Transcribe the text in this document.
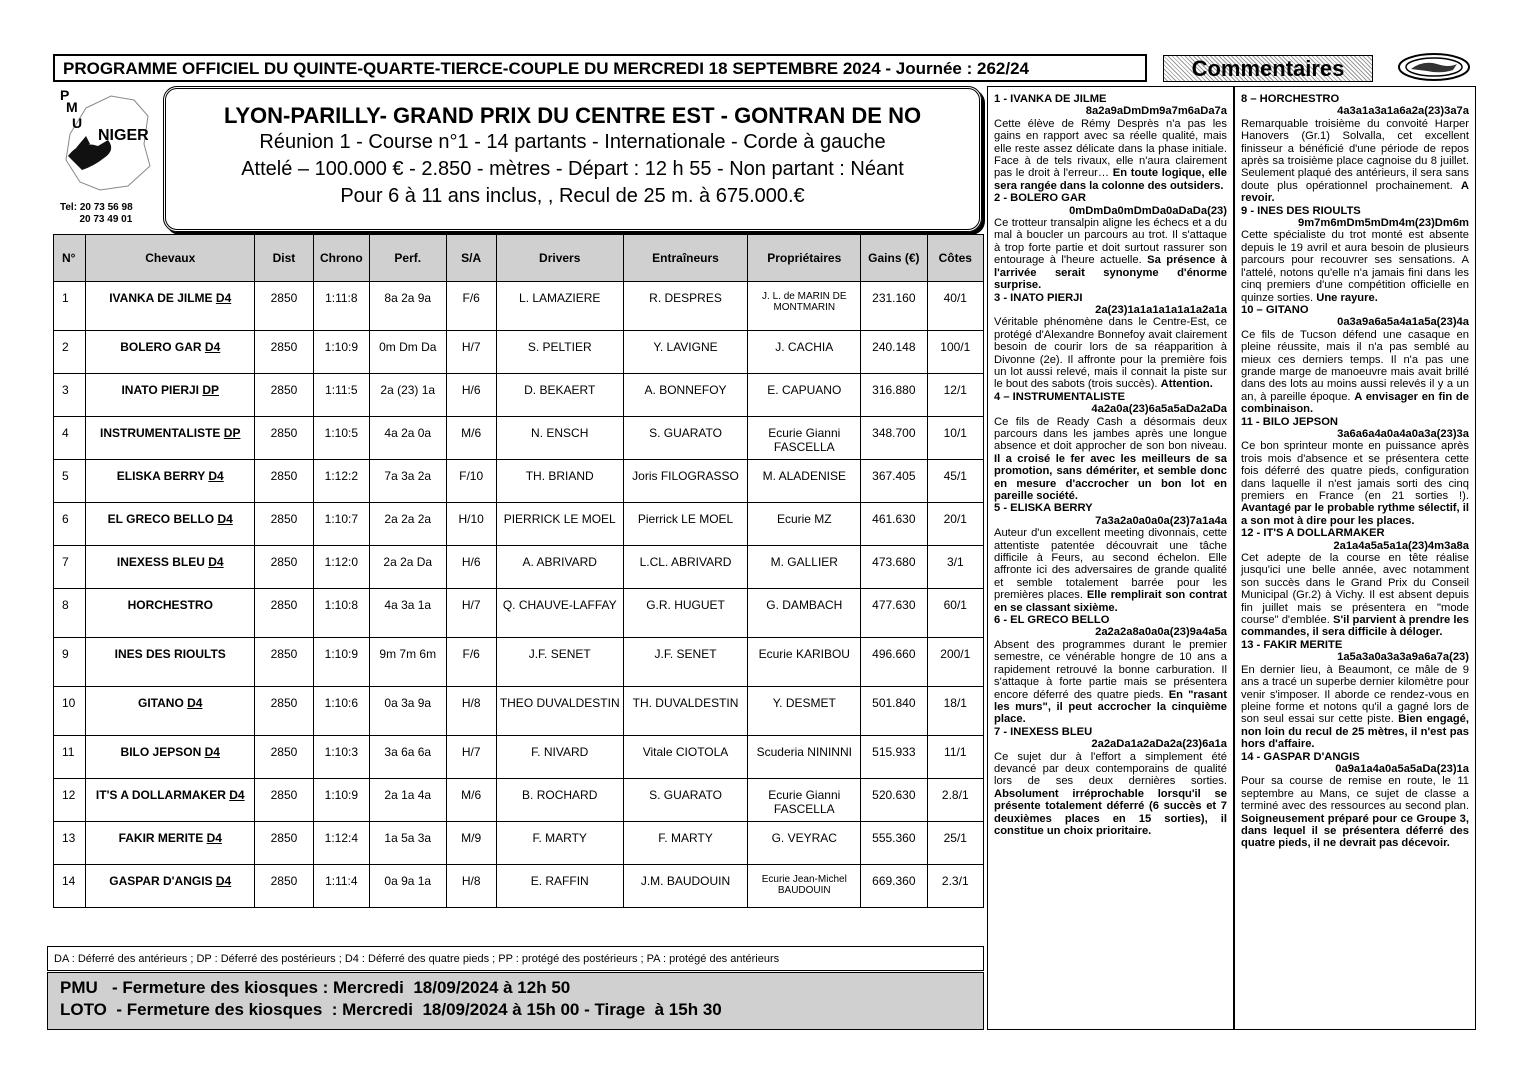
PROGRAMME OFFICIEL DU QUINTE-QUARTE-TIERCE-COUPLE DU MERCREDI 18 SEPTEMBRE 2024 - Journée : 262/24	Commentaires
P
M
U
NIGER
Tel: 20 73 56 98
20 73 49 01
LYON-PARILLY- GRAND PRIX DU CENTRE EST - GONTRAN DE NO
Réunion 1 - Course n°1 - 14 partants - Internationale - Corde à gauche
Attelé – 100.000 € - 2.850 - mètres - Départ : 12 h 55 - Non partant : Néant
Pour 6 à 11 ans inclus, , Recul de 25 m. à 675.000.€
N°	Chevaux	Dist	Chrono	Perf.	S/A	Drivers	Entraîneurs	Propriétaires	Gains (€)	Côtes
1	IVANKA DE JILME D4	2850	1:11:8	8a 2a 9a	F/6	L. LAMAZIERE	R. DESPRES	J. L. de MARIN DE MONTMARIN	231.160	40/1
2	BOLERO GAR D4	2850	1:10:9	0m Dm Da	H/7	S. PELTIER	Y. LAVIGNE	J. CACHIA	240.148	100/1
3	INATO PIERJI DP	2850	1:11:5	2a (23) 1a	H/6	D. BEKAERT	A. BONNEFOY	E. CAPUANO	316.880	12/1
4	INSTRUMENTALISTE DP	2850	1:10:5	4a 2a 0a	M/6	N. ENSCH	S. GUARATO	Ecurie Gianni FASCELLA	348.700	10/1
5	ELISKA BERRY D4	2850	1:12:2	7a 3a 2a	F/10	TH. BRIAND	Joris FILOGRASSO	M. ALADENISE	367.405	45/1
6	EL GRECO BELLO D4	2850	1:10:7	2a 2a 2a	H/10	PIERRICK LE MOEL	Pierrick LE MOEL	Ecurie MZ	461.630	20/1
7	INEXESS BLEU D4	2850	1:12:0	2a 2a Da	H/6	A. ABRIVARD	L.CL. ABRIVARD	M. GALLIER	473.680	3/1
8	HORCHESTRO	2850	1:10:8	4a 3a 1a	H/7	Q. CHAUVE-LAFFAY	G.R. HUGUET	G. DAMBACH	477.630	60/1
9	INES DES RIOULTS	2850	1:10:9	9m 7m 6m	F/6	J.F. SENET	J.F. SENET	Ecurie KARIBOU	496.660	200/1
10	GITANO D4	2850	1:10:6	0a 3a 9a	H/8	THEO DUVALDESTIN	TH. DUVALDESTIN	Y. DESMET	501.840	18/1
11	BILO JEPSON D4	2850	1:10:3	3a 6a 6a	H/7	F. NIVARD	Vitale CIOTOLA	Scuderia NININNI	515.933	11/1
12	IT'S A DOLLARMAKER D4	2850	1:10:9	2a 1a 4a	M/6	B. ROCHARD	S. GUARATO	Ecurie Gianni FASCELLA	520.630	2.8/1
13	FAKIR MERITE D4	2850	1:12:4	1a 5a 3a	M/9	F. MARTY	F. MARTY	G. VEYRAC	555.360	25/1
14	GASPAR D'ANGIS D4	2850	1:11:4	0a 9a 1a	H/8	E. RAFFIN	J.M. BAUDOUIN	Ecurie Jean-Michel BAUDOUIN	669.360	2.3/1
DA : Déferré des antérieurs ; DP : Déferré des postérieurs ; D4 : Déferré des quatre pieds ; PP : protégé des postérieurs ; PA : protégé des antérieurs
PMU   - Fermeture des kiosques : Mercredi  18/09/2024 à 12h 50
LOTO  - Fermeture des kiosques  : Mercredi  18/09/2024 à 15h 00 - Tirage  à 15h 30
1 - IVANKA DE JILME
8a2a9aDmDm9a7m6aDa7a
Cette élève de Rémy Desprès n'a pas les gains en rapport avec sa réelle qualité, mais elle reste assez délicate dans la phase initiale. Face à de tels rivaux, elle n'aura clairement pas le droit à l'erreur… En toute logique, elle sera rangée dans la colonne des outsiders.
2 - BOLERO GAR
0mDmDa0mDmDa0aDaDa(23)
Ce trotteur transalpin aligne les échecs et a du mal à boucler un parcours au trot. Il s'attaque à trop forte partie et doit surtout rassurer son entourage à l'heure actuelle. Sa présence à l'arrivée serait synonyme d'énorme surprise.
3 - INATO PIERJI
2a(23)1a1a1a1a1a1a2a1a
Véritable phénomène dans le Centre-Est, ce protégé d'Alexandre Bonnefoy avait clairement besoin de courir lors de sa réapparition à Divonne (2e). Il affronte pour la première fois un lot aussi relevé, mais il connait la piste sur le bout des sabots (trois succès). Attention.
4 – INSTRUMENTALISTE
4a2a0a(23)6a5a5aDa2aDa
Ce fils de Ready Cash a désormais deux parcours dans les jambes après une longue absence et doit approcher de son bon niveau. Il a croisé le fer avec les meilleurs de sa promotion, sans démériter, et semble donc en mesure d'accrocher un bon lot en pareille société.
5 - ELISKA BERRY
7a3a2a0a0a0a(23)7a1a4a
Auteur d'un excellent meeting divonnais, cette attentiste patentée découvrait une tâche difficile à Feurs, au second échelon. Elle affronte ici des adversaires de grande qualité et semble totalement barrée pour les premières places. Elle remplirait son contrat en se classant sixième.
6 - EL GRECO BELLO
2a2a2a8a0a0a(23)9a4a5a
Absent des programmes durant le premier semestre, ce vénérable hongre de 10 ans a rapidement retrouvé la bonne carburation. Il s'attaque à forte partie mais se présentera encore déferré des quatre pieds. En "rasant les murs", il peut accrocher la cinquième place.
7 - INEXESS BLEU
2a2aDa1a2aDa2a(23)6a1a
Ce sujet dur à l'effort a simplement été devancé par deux contemporains de qualité lors de ses deux dernières sorties. Absolument irréprochable lorsqu'il se présente totalement déferré (6 succès et 7 deuxièmes places en 15 sorties), il constitue un choix prioritaire.
8 – HORCHESTRO
4a3a1a3a1a6a2a(23)3a7a
Remarquable troisième du convoité Harper Hanovers (Gr.1) Solvalla, cet excellent finisseur a bénéficié d'une période de repos après sa troisième place cagnoise du 8 juillet. Seulement plaqué des antérieurs, il sera sans doute plus opérationnel prochainement. A revoir.
9 - INES DES RIOULTS
9m7m6mDm5mDm4m(23)Dm6m
Cette spécialiste du trot monté est absente depuis le 19 avril et aura besoin de plusieurs parcours pour recouvrer ses sensations. A l'attelé, notons qu'elle n'a jamais fini dans les cinq premiers d'une compétition officielle en quinze sorties. Une rayure.
10 – GITANO
0a3a9a6a5a4a1a5a(23)4a
Ce fils de Tucson défend une casaque en pleine réussite, mais il n'a pas semblé au mieux ces derniers temps. Il n'a pas une grande marge de manoeuvre mais avait brillé dans des lots au moins aussi relevés il y a un an, à pareille époque. A envisager en fin de combinaison.
11 - BILO JEPSON
3a6a6a4a0a4a0a3a(23)3a
Ce bon sprinteur monte en puissance après trois mois d'absence et se présentera cette fois déferré des quatre pieds, configuration dans laquelle il n'est jamais sorti des cinq premiers en France (en 21 sorties !). Avantagé par le probable rythme sélectif, il a son mot à dire pour les places.
12 - IT'S A DOLLARMAKER
2a1a4a5a5a1a(23)4m3a8a
Cet adepte de la course en tête réalise jusqu'ici une belle année, avec notamment son succès dans le Grand Prix du Conseil Municipal (Gr.2) à Vichy. Il est absent depuis fin juillet mais se présentera en "mode course" d'emblée. S'il parvient à prendre les commandes, il sera difficile à déloger.
13 - FAKIR MERITE
1a5a3a0a3a3a9a6a7a(23)
En dernier lieu, à Beaumont, ce mâle de 9 ans a tracé un superbe dernier kilomètre pour venir s'imposer. Il aborde ce rendez-vous en pleine forme et notons qu'il a gagné lors de son seul essai sur cette piste. Bien engagé, non loin du recul de 25 mètres, il n'est pas hors d'affaire.
14 - GASPAR D'ANGIS
0a9a1a4a0a5a5aDa(23)1a
Pour sa course de remise en route, le 11 septembre au Mans, ce sujet de classe a terminé avec des ressources au second plan. Soigneusement préparé pour ce Groupe 3, dans lequel il se présentera déferré des quatre pieds, il ne devrait pas décevoir.
